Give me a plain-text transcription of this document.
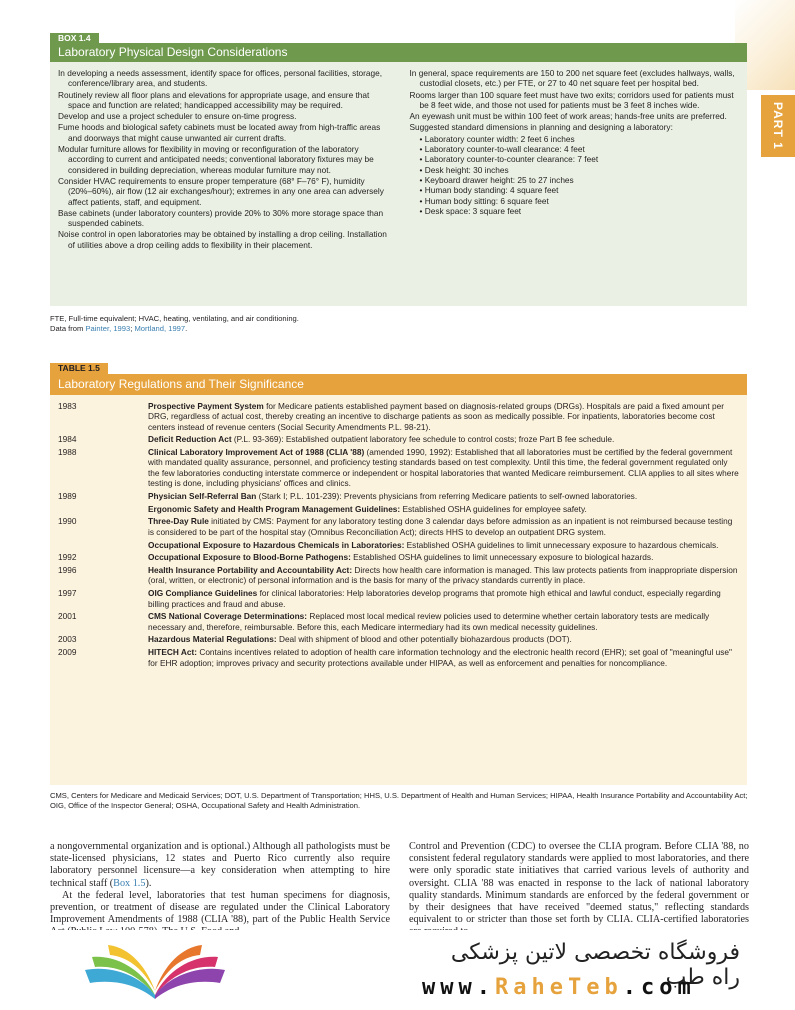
PART 1
BOX 1.4
Laboratory Physical Design Considerations

In developing a needs assessment, identify space for offices, personal facilities, storage, conference/library area, and students.

Routinely review all floor plans and elevations for appropriate usage, and ensure that space and function are related; handicapped accessibility may be required.

Develop and use a project scheduler to ensure on-time progress.

Fume hoods and biological safety cabinets must be located away from high-traffic areas and doorways that might cause unwanted air current drafts.

Modular furniture allows for flexibility in moving or reconfiguration of the laboratory according to current and anticipated needs; conventional laboratory fixtures may be considered in building depreciation, whereas modular furniture may not.

Consider HVAC requirements to ensure proper temperature (68° F–76° F), humidity (20%–60%), air flow (12 air exchanges/hour); extremes in any one area can adversely affect patients, staff, and equipment.

Base cabinets (under laboratory counters) provide 20% to 30% more storage space than suspended cabinets.

Noise control in open laboratories may be obtained by installing a drop ceiling. Installation of utilities above a drop ceiling adds to flexibility in their placement.

In general, space requirements are 150 to 200 net square feet (excludes hallways, walls, custodial closets, etc.) per FTE, or 27 to 40 net square feet per hospital bed.

Rooms larger than 100 square feet must have two exits; corridors used for patients must be 8 feet wide, and those not used for patients must be 3 feet 8 inches wide.

An eyewash unit must be within 100 feet of work areas; hands-free units are preferred.

Suggested standard dimensions in planning and designing a laboratory:

• Laboratory counter width: 2 feet 6 inches
• Laboratory counter-to-wall clearance: 4 feet
• Laboratory counter-to-counter clearance: 7 feet
• Desk height: 30 inches
• Keyboard drawer height: 25 to 27 inches
• Human body standing: 4 square feet
• Human body sitting: 6 square feet
• Desk space: 3 square feet
FTE, Full-time equivalent; HVAC, heating, ventilating, and air conditioning.
Data from Painter, 1993; Mortland, 1997.
TABLE 1.5
Laboratory Regulations and Their Significance
1983	Prospective Payment System for Medicare patients established payment based on diagnosis-related groups (DRGs). Hospitals are paid a fixed amount per DRG, regardless of actual cost, thereby creating an incentive to discharge patients as soon as medically possible. For inpatients, laboratories become cost centers instead of revenue centers (Social Security Amendments P.L. 98-21).
1984	Deficit Reduction Act (P.L. 93-369): Established outpatient laboratory fee schedule to control costs; froze Part B fee schedule.
1988	Clinical Laboratory Improvement Act of 1988 (CLIA '88) (amended 1990, 1992): Established that all laboratories must be certified by the federal government with mandated quality assurance, personnel, and proficiency testing standards based on test complexity. Until this time, the federal government regulated only the few laboratories conducting interstate commerce or independent or hospital laboratories that wanted Medicare reimbursement. CLIA applies to all sites where testing is done, including physicians' offices and clinics.
1989	Physician Self-Referral Ban (Stark I; P.L. 101-239): Prevents physicians from referring Medicare patients to self-owned laboratories.
Ergonomic Safety and Health Program Management Guidelines: Established OSHA guidelines for employee safety.
1990	Three-Day Rule initiated by CMS: Payment for any laboratory testing done 3 calendar days before admission as an inpatient is not reimbursed because testing is considered to be part of the hospital stay (Omnibus Reconciliation Act); directs HHS to develop an outpatient DRG system.
Occupational Exposure to Hazardous Chemicals in Laboratories: Established OSHA guidelines to limit unnecessary exposure to hazardous chemicals.
1992	Occupational Exposure to Blood-Borne Pathogens: Established OSHA guidelines to limit unnecessary exposure to biological hazards.
1996	Health Insurance Portability and Accountability Act: Directs how health care information is managed. This law protects patients from inappropriate dispersion (oral, written, or electronic) of personal information and is the basis for many of the privacy standards currently in place.
1997	OIG Compliance Guidelines for clinical laboratories: Help laboratories develop programs that promote high ethical and lawful conduct, especially regarding billing practices and fraud and abuse.
2001	CMS National Coverage Determinations: Replaced most local medical review policies used to determine whether certain laboratory tests are medically necessary and, therefore, reimbursable. Before this, each Medicare intermediary had its own medical necessity guidelines.
2003	Hazardous Material Regulations: Deal with shipment of blood and other potentially biohazardous products (DOT).
2009	HITECH Act: Contains incentives related to adoption of health care information technology and the electronic health record (EHR); set goal of "meaningful use" for EHR adoption; improves privacy and security protections available under HIPAA, as well as enforcement and penalties for noncompliance.
CMS, Centers for Medicare and Medicaid Services; DOT, U.S. Department of Transportation; HHS, U.S. Department of Health and Human Services; HIPAA, Health Insurance Portability and Accountability Act; OIG, Office of the Inspector General; OSHA, Occupational Safety and Health Administration.

a nongovernmental organization and is optional.) Although all pathologists must be state-licensed physicians, 12 states and Puerto Rico currently also require laboratory personnel licensure—a key consideration when attempting to hire technical staff (Box 1.5).

At the federal level, laboratories that test human specimens for diagnosis, prevention, or treatment of disease are regulated under the Clinical Laboratory Improvement Amendments of 1988 (CLIA '88), part of the Public Health Service

Control and Prevention (CDC) to oversee the CLIA program. Before CLIA '88, no consistent federal regulatory standards were applied to most laboratories, and there were only sporadic state initiatives that carried various levels of authority and oversight. CLIA '88 was enacted in response to the lack of national laboratory quality standards. Minimum standards are enforced by the federal government or by their designees that have received "deemed status," reflecting standards equivalent to or stricter than those set forth by CLIA. CLIA-certified laboratories

فروشگاه تخصصی لاتین پزشکی راه طب
www.RaheTeb.com
